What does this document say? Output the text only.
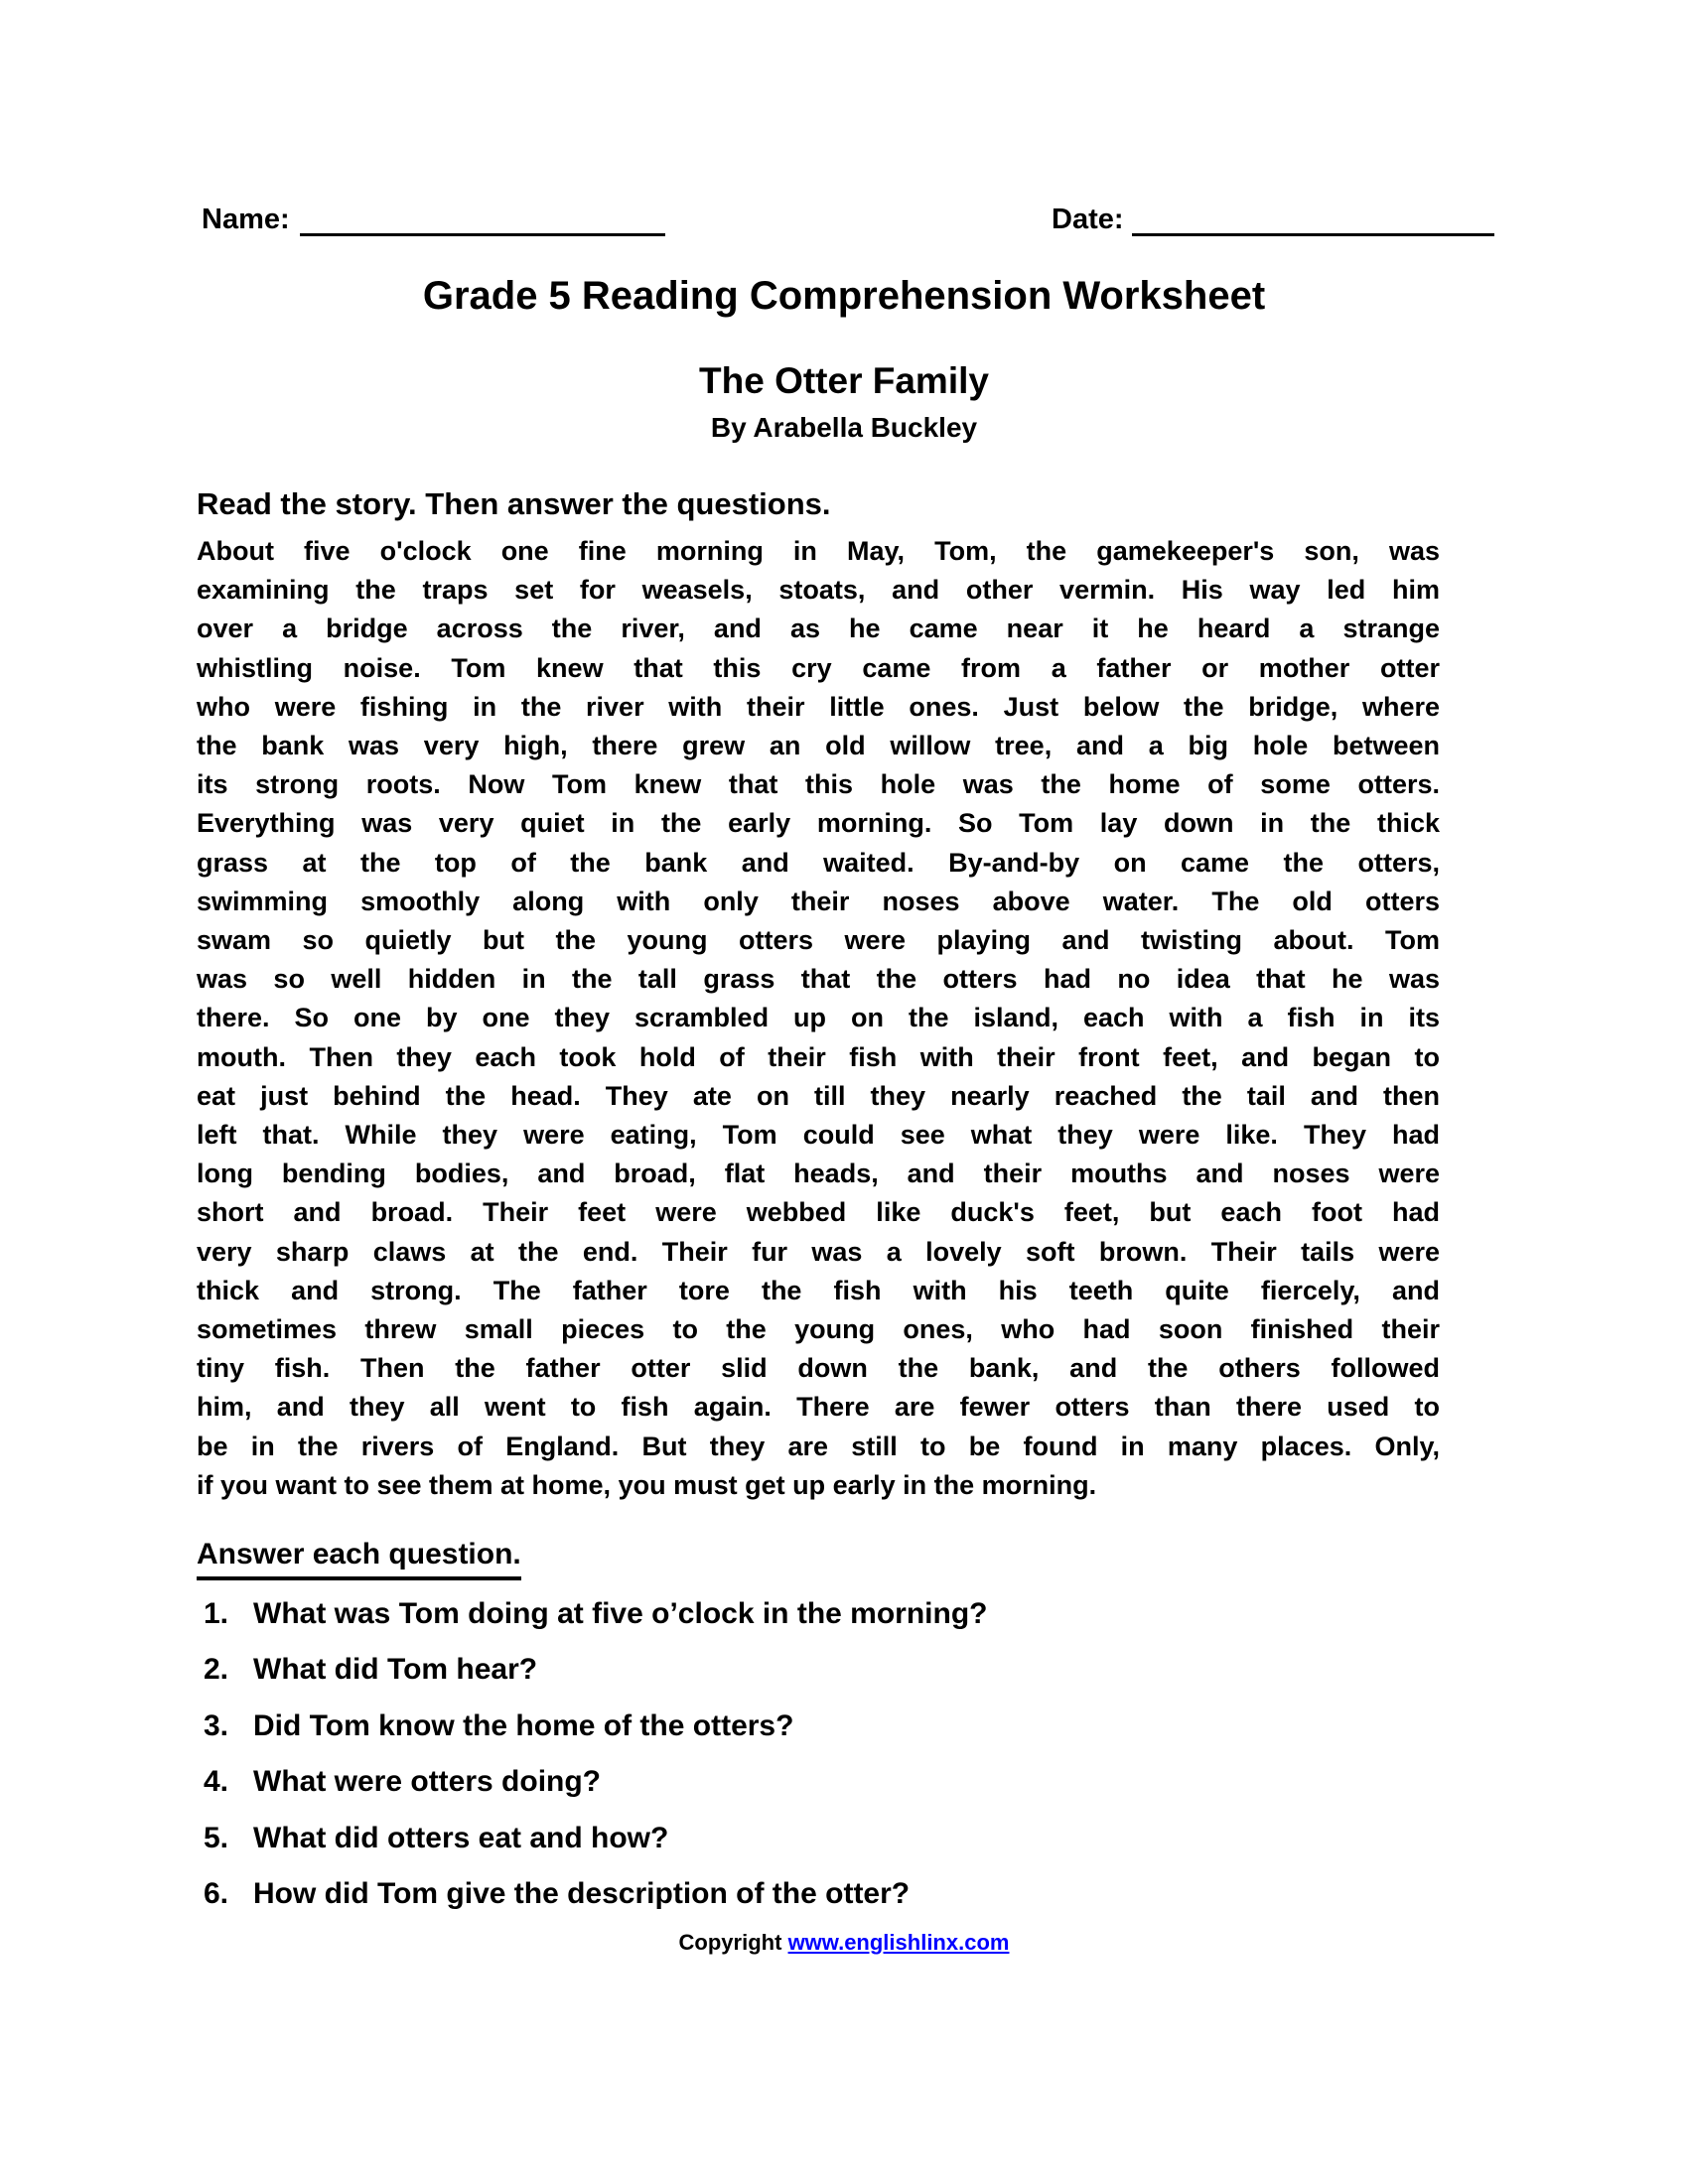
Name:	Date:
Grade 5 Reading Comprehension Worksheet
The Otter Family
By Arabella Buckley
Read the story. Then answer the questions.
About five o'clock one fine morning in May, Tom, the gamekeeper's son, was
examining the traps set for weasels, stoats, and other vermin. His way led him
over a bridge across the river, and as he came near it he heard a strange
whistling noise. Tom knew that this cry came from a father or mother otter
who were fishing in the river with their little ones. Just below the bridge, where
the bank was very high, there grew an old willow tree, and a big hole between
its strong roots. Now Tom knew that this hole was the home of some otters.
Everything was very quiet in the early morning. So Tom lay down in the thick
grass at the top of the bank and waited. By-and-by on came the otters,
swimming smoothly along with only their noses above water. The old otters
swam so quietly but the young otters were playing and twisting about. Tom
was so well hidden in the tall grass that the otters had no idea that he was
there. So one by one they scrambled up on the island, each with a fish in its
mouth. Then they each took hold of their fish with their front feet, and began to
eat just behind the head. They ate on till they nearly reached the tail and then
left that. While they were eating, Tom could see what they were like. They had
long bending bodies, and broad, flat heads, and their mouths and noses were
short and broad. Their feet were webbed like duck's feet, but each foot had
very sharp claws at the end. Their fur was a lovely soft brown. Their tails were
thick and strong. The father tore the fish with his teeth quite fiercely, and
sometimes threw small pieces to the young ones, who had soon finished their
tiny fish. Then the father otter slid down the bank, and the others followed
him, and they all went to fish again. There are fewer otters than there used to
be in the rivers of England. But they are still to be found in many places. Only,
if you want to see them at home, you must get up early in the morning.
Answer each question.
1. What was Tom doing at five o’clock in the morning?
2. What did Tom hear?
3. Did Tom know the home of the otters?
4. What were otters doing?
5. What did otters eat and how?
6. How did Tom give the description of the otter?
Copyright www.englishlinx.com
